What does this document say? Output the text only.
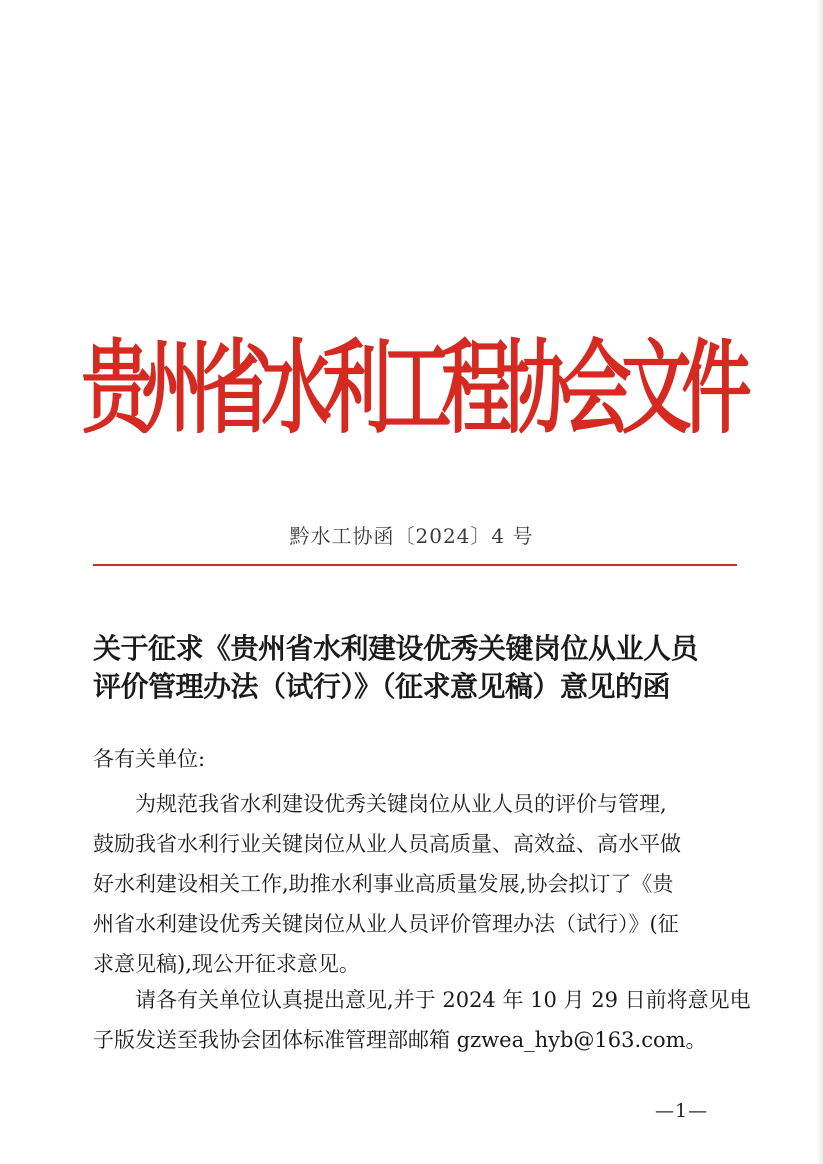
贵州省水利工程协会文件
黔水工协函〔2024〕4 号
关于征求《贵州省水利建设优秀关键岗位从业人员
评价管理办法（试行）》（征求意见稿）意见的函
各有关单位:
为规范我省水利建设优秀关键岗位从业人员的评价与管理,
鼓励我省水利行业关键岗位从业人员高质量、高效益、高水平做
好水利建设相关工作,助推水利事业高质量发展,协会拟订了《贵
州省水利建设优秀关键岗位从业人员评价管理办法（试行）》(征
求意见稿),现公开征求意见。
请各有关单位认真提出意见,并于 2024 年 10 月 29 日前将意见电
子版发送至我协会团体标准管理部邮箱 gzwea_hyb@163.com。
—1—
